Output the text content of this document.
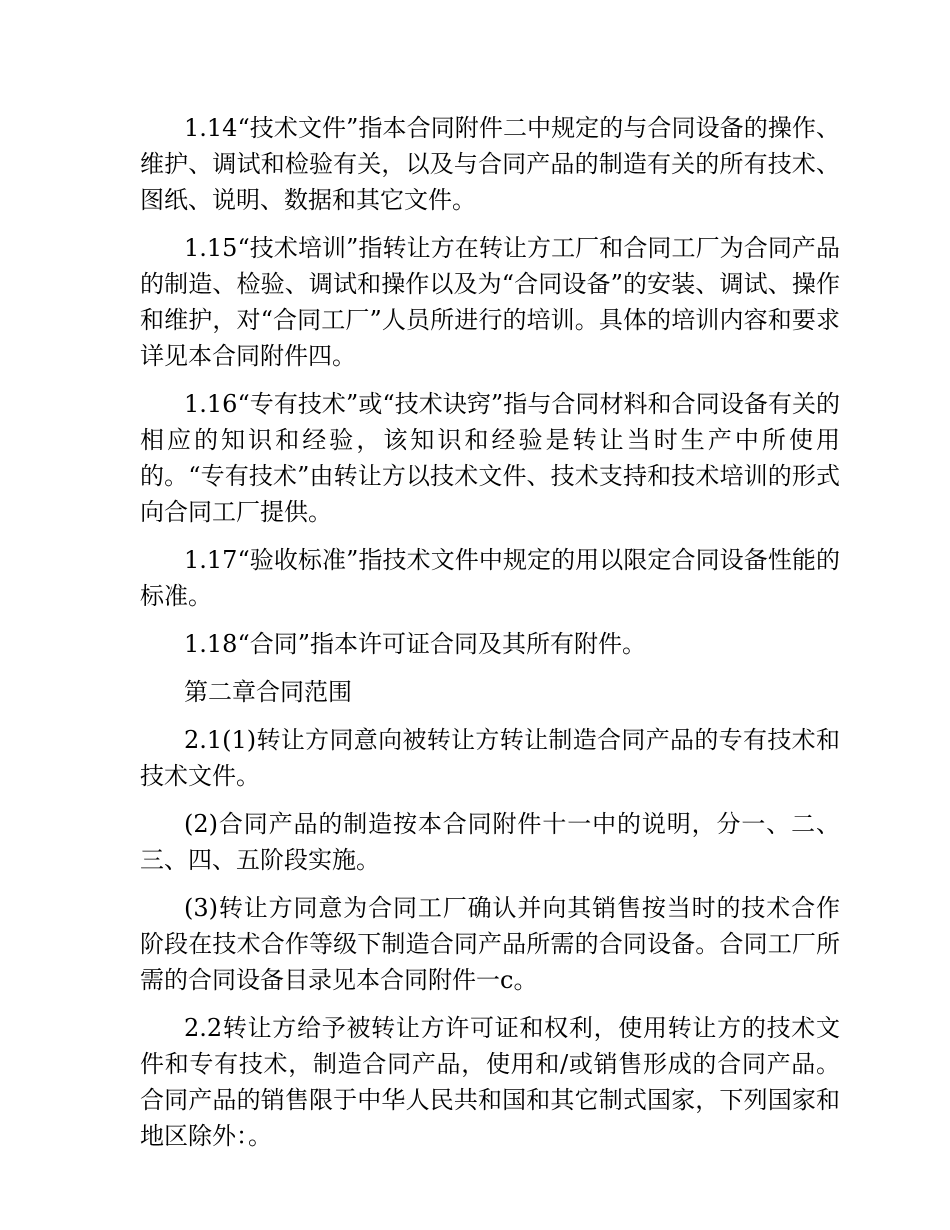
1.14“技术文件”指本合同附件二中规定的与合同设备的操作、维护、调试和检验有关，以及与合同产品的制造有关的所有技术、图纸、说明、数据和其它文件。

1.15“技术培训”指转让方在转让方工厂和合同工厂为合同产品的制造、检验、调试和操作以及为“合同设备”的安装、调试、操作和维护，对“合同工厂”人员所进行的培训。具体的培训内容和要求详见本合同附件四。

1.16“专有技术”或“技术诀窍”指与合同材料和合同设备有关的相应的知识和经验，该知识和经验是转让当时生产中所使用的。“专有技术”由转让方以技术文件、技术支持和技术培训的形式向合同工厂提供。

1.17“验收标准”指技术文件中规定的用以限定合同设备性能的标准。

1.18“合同”指本许可证合同及其所有附件。

第二章合同范围

2.1(1)转让方同意向被转让方转让制造合同产品的专有技术和技术文件。

(2)合同产品的制造按本合同附件十一中的说明，分一、二、三、四、五阶段实施。

(3)转让方同意为合同工厂确认并向其销售按当时的技术合作阶段在技术合作等级下制造合同产品所需的合同设备。合同工厂所需的合同设备目录见本合同附件一c。

2.2转让方给予被转让方许可证和权利，使用转让方的技术文件和专有技术，制造合同产品，使用和/或销售形成的合同产品。合同产品的销售限于中华人民共和国和其它制式国家，下列国家和地区除外：。
